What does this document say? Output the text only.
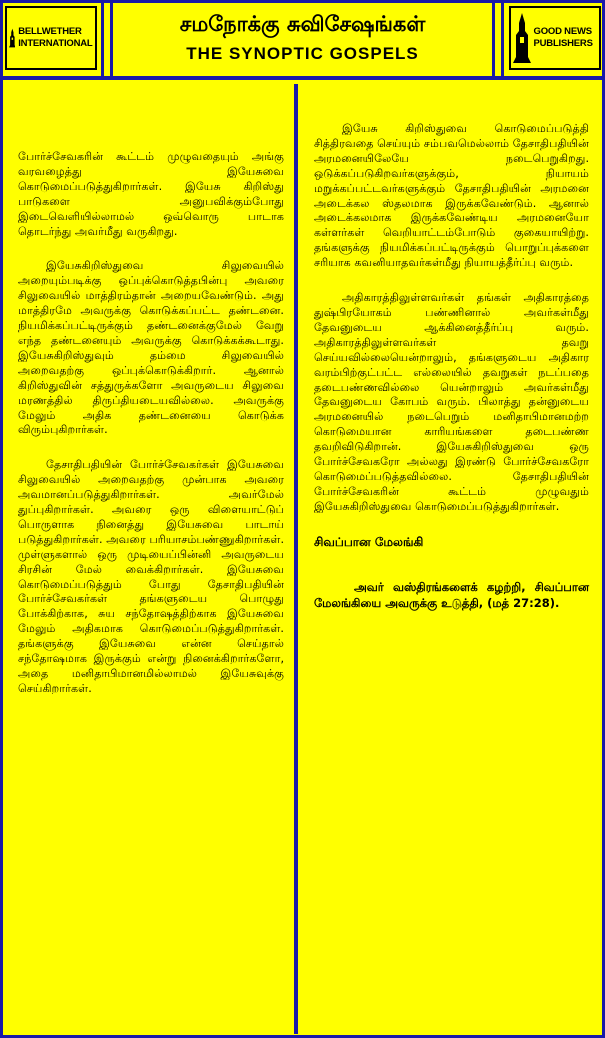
BELLWETHER
INTERNATIONAL
சமநோக்கு சுவிசேஷங்கள்
THE SYNOPTIC GOSPELS
GOOD NEWS
PUBLISHERS

போர்ச்சேவகரின் கூட்டம் முழுவதையும் அங்கு வரவழைத்து இயேசுவை கொடுமைப்படுத்துகிறார்கள். இயேசு கிறிஸ்து பாடுகளை அனுபவிக்கும்போது இடைவெளியில்லாமல் ஒவ்வொரு பாடாக தொடர்ந்து அவர்மீது வருகிறது.

இயேசுகிறிஸ்துவை சிலுவையில் அறையும்படிக்கு ஒப்புக்கொடுத்தபின்பு அவரை சிலுவையில் மாத்திரம்தான் அறையவேண்டும். அது மாத்திரமே அவருக்கு கொடுக்கப்பட்ட தண்டனை. நியமிக்கப்பட்டிருக்கும் தண்டனைக்குமேல் வேறு எந்த தண்டனையும் அவருக்கு கொடுக்கக்கூடாது. இயேசுகிறிஸ்துவும் தம்மை சிலுவையில் அறைவதற்கு ஒப்புக்கொடுக்கிறார். ஆனால் கிறிஸ்துவின் சத்துருக்களோ அவருடைய சிலுவை மரணத்தில் திருப்தியடையவில்லை. அவருக்கு மேலும் அதிக தண்டனையை கொடுக்க விரும்புகிறார்கள்.

தேசாதிபதியின் போர்ச்சேவகர்கள் இயேசுவை சிலுவையில் அறைவதற்கு முன்பாக அவரை அவமானப்படுத்துகிறார்கள். அவர்மேல் துப்புகிறார்கள். அவரை ஒரு விளையாட்டுப் பொருளாக நினைத்து இயேசுவை பாடாய் படுத்துகிறார்கள். அவரை பரியாசம்பண்ணுகிறார்கள். முள்ளுகளால் ஒரு முடியைப்பின்னி அவருடைய சிரசின் மேல் வைக்கிறார்கள். இயேசுவை கொடுமைப்படுத்தும் போது தேசாதிபதியின் போர்ச்சேவகர்கள் தங்களுடைய பொழுது போக்கிற்காக, சுய சந்தோஷத்திற்காக இயேசுவை மேலும் அதிகமாக கொடுமைப்படுத்துகிறார்கள். தங்களுக்கு இயேசுவை என்ன செய்தால் சந்தோஷமாக இருக்கும் என்று நினைக்கிறார்களோ, அதை மனிதாபிமானமில்லாமல் இயேசுவுக்கு செய்கிறார்கள்.

இயேசு கிறிஸ்துவை கொடுமைப்படுத்தி சித்திரவதை செய்யும் சம்பவமெல்லாம் தேசாதிபதியின் அரமனையிலேயே நடைபெறுகிறது. ஒடுக்கப்படுகிறவர்களுக்கும், நியாயம் மறுக்கப்பட்டவர்களுக்கும் தேசாதிபதியின் அரமனை அடைக்கல ஸ்தலமாக இருக்கவேண்டும். ஆனால் அடைக்கலமாக இருக்கவேண்டிய அரமனையோ கள்ளர்கள் வெறியாட்டம்போடும் குகையாயிற்று. தங்களுக்கு நியமிக்கப்பட்டிருக்கும் பொறுப்புக்களை சரியாக கவனியாதவர்கள்மீது நியாயத்தீர்ப்பு வரும்.

அதிகாரத்திலுள்ளவர்கள் தங்கள் அதிகாரத்தை துஷ்பிரயோகம் பண்ணினால் அவர்கள்மீது தேவனுடைய ஆக்கினைத்தீர்ப்பு வரும். அதிகாரத்திலுள்ளவர்கள் தவறு செய்யவில்லையென்றாலும், தங்களுடைய அதிகார வரம்பிற்குட்பட்ட எல்லையில் தவறுகள் நடப்பதை தடைபண்ணவில்லை யென்றாலும் அவர்கள்மீது தேவனுடைய கோபம் வரும். பிலாத்து தன்னுடைய அரமனையில் நடைபெறும் மனிதாபிமானமற்ற கொடுமையான காரியங்களை தடைபண்ண தவறிவிடுகிறான். இயேசுகிறிஸ்துவை ஒரு போர்ச்சேவகரோ அல்லது இரண்டு போர்ச்சேவகரோ கொடுமைப்படுத்தவில்லை. தேசாதிபதியின் போர்ச்சேவகரின் கூட்டம் முழுவதும் இயேசுகிறிஸ்துவை கொடுமைப்படுத்துகிறார்கள்.

சிவப்பான மேலங்கி
அவர் வஸ்திரங்களைக் கழற்றி, சிவப்பான மேலங்கியை அவருக்கு உடுத்தி, (மத் 27:28).
